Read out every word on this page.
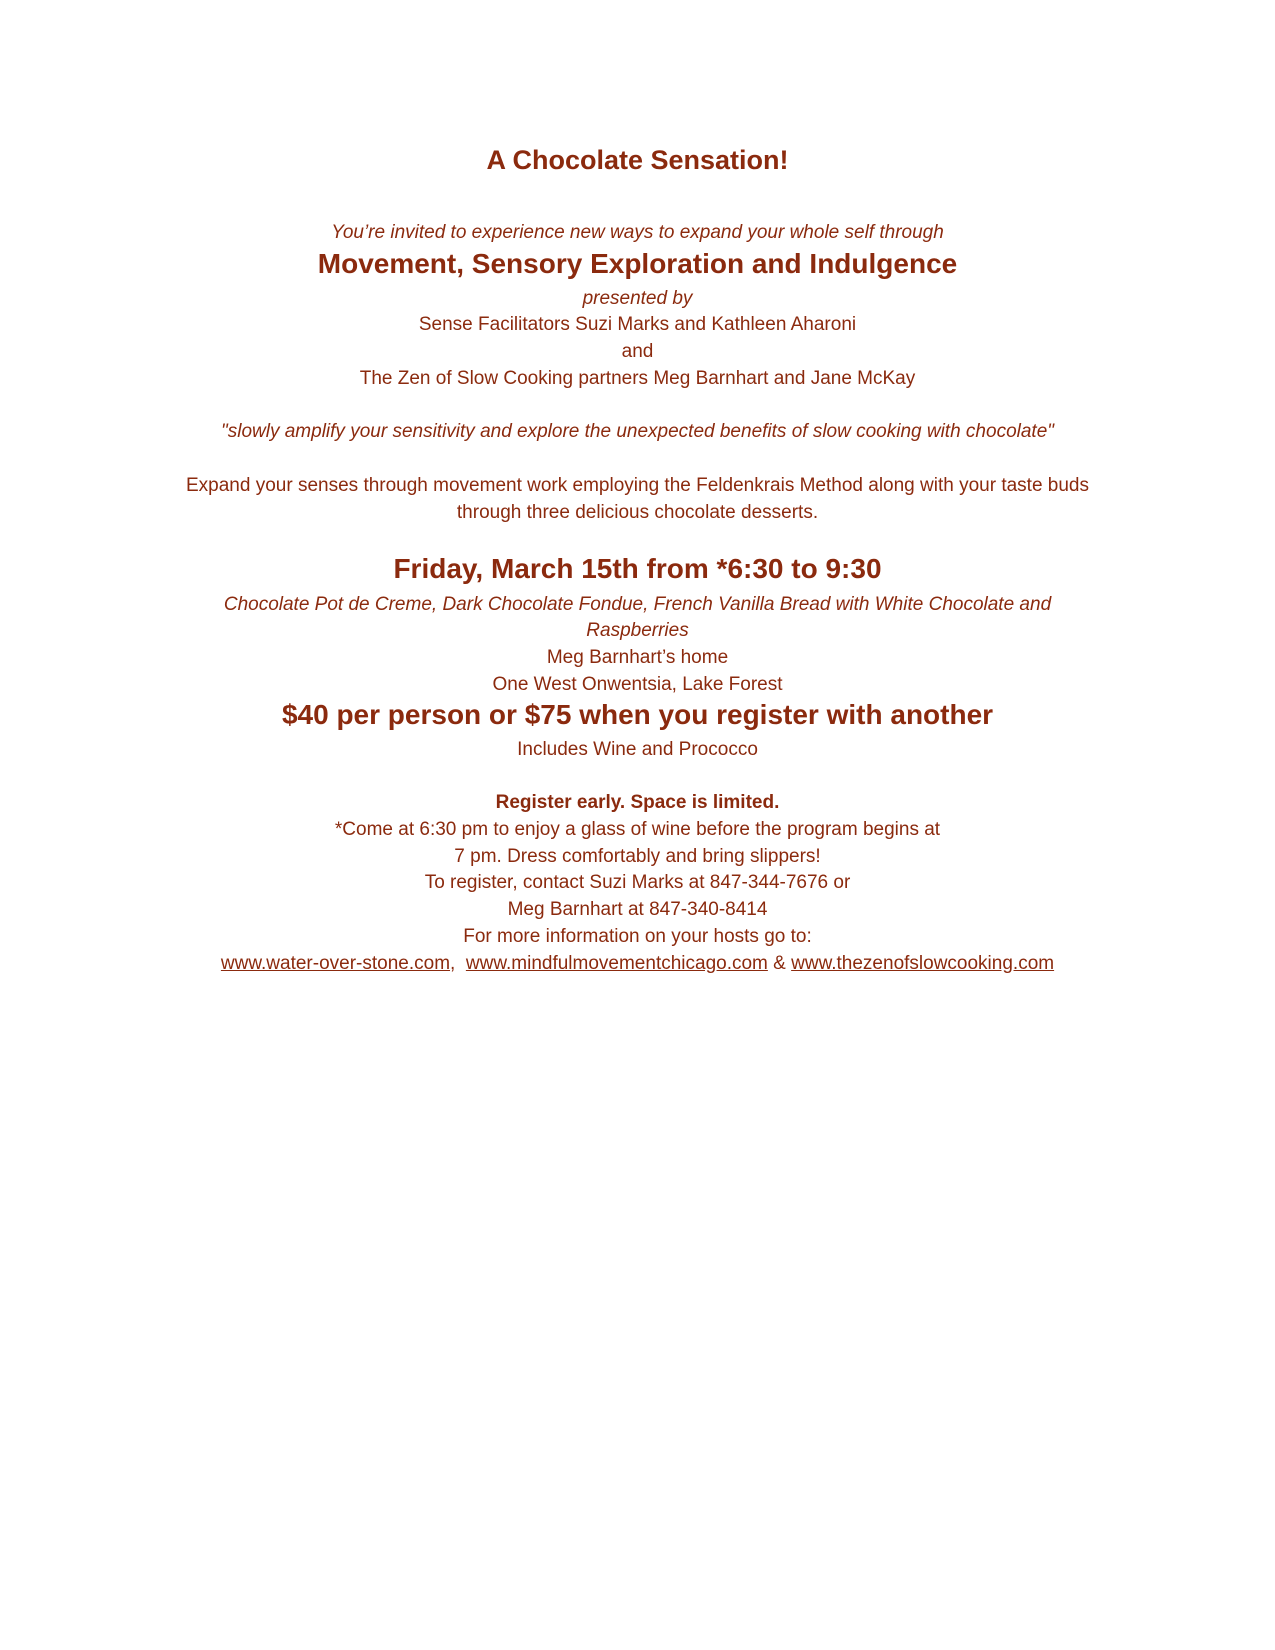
A Chocolate Sensation!
You’re invited to experience new ways to expand your whole self through
Movement, Sensory Exploration and Indulgence
presented by
Sense Facilitators Suzi Marks and Kathleen Aharoni
and
The Zen of Slow Cooking partners Meg Barnhart and Jane McKay
"slowly amplify your sensitivity and explore the unexpected benefits of slow cooking with chocolate"
Expand your senses through movement work employing the Feldenkrais Method along with your taste buds
through three delicious chocolate desserts.
Friday, March 15th from *6:30 to 9:30
Chocolate Pot de Creme, Dark Chocolate Fondue, French Vanilla Bread with White Chocolate and
Raspberries
Meg Barnhart’s home
One West Onwentsia, Lake Forest
$40 per person or $75 when you register with another
Includes Wine and Prococco
Register early. Space is limited.
*Come at 6:30 pm to enjoy a glass of wine before the program begins at
7 pm. Dress comfortably and bring slippers!
To register, contact Suzi Marks at 847-344-7676 or
Meg Barnhart at 847-340-8414
For more information on your hosts go to:
www.water-over-stone.com,  www.mindfulmovementchicago.com & www.thezenofslowcooking.com
